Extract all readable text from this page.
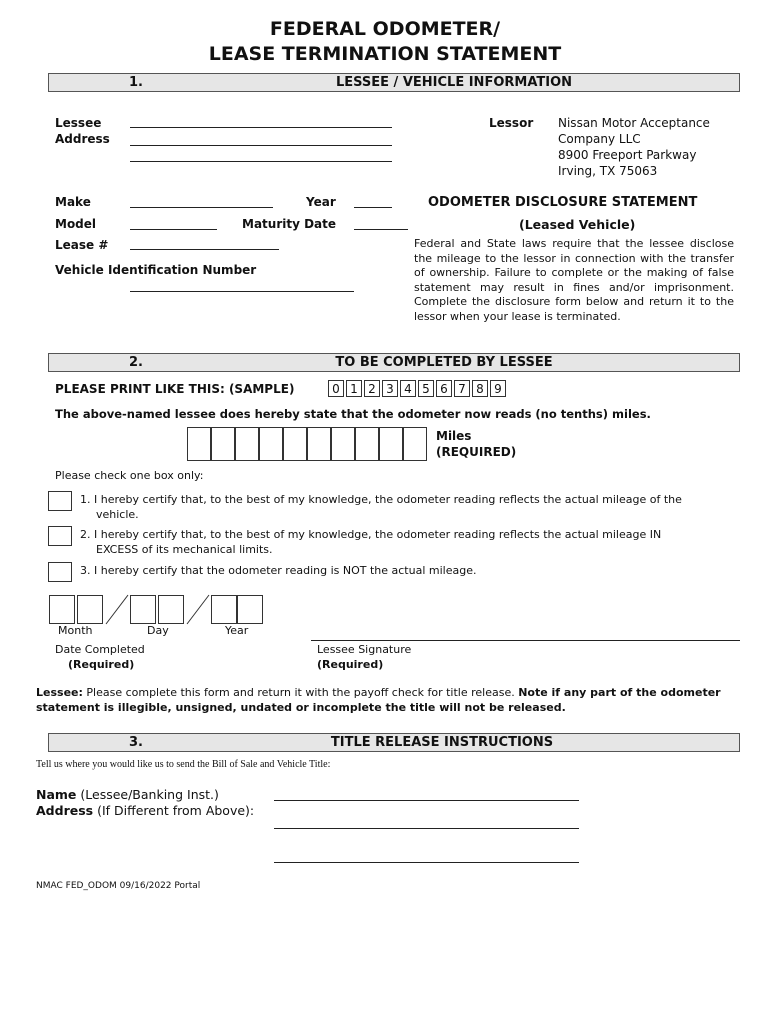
FEDERAL ODOMETER/
LEASE TERMINATION STATEMENT
1.	LESSEE / VEHICLE INFORMATION
Lessee
Address
Lessor Nissan Motor Acceptance
Company LLC
8900 Freeport Parkway
Irving, TX 75063
Make	Year
Model	Maturity Date
Lease #
Vehicle Identification Number
ODOMETER DISCLOSURE STATEMENT
(Leased Vehicle)
Federal and State laws require that the lessee disclose the mileage to the lessor in connection with the transfer of ownership. Failure to complete or the making of false statement may result in fines and/or imprisonment. Complete the disclosure form below and return it to the lessor when your lease is terminated.
2.	TO BE COMPLETED BY LESSEE
PLEASE PRINT LIKE THIS: (SAMPLE)	0 1 2 3 4 5 6 7 8 9
The above-named lessee does hereby state that the odometer now reads (no tenths) miles.
Miles
(REQUIRED)
Please check one box only:
1. I hereby certify that, to the best of my knowledge, the odometer reading reflects the actual mileage of the
vehicle.
2. I hereby certify that, to the best of my knowledge, the odometer reading reflects the actual mileage IN
EXCESS of its mechanical limits.
3. I hereby certify that the odometer reading is NOT the actual mileage.
Month	Day	Year
Date Completed
(Required)
Lessee Signature
(Required)
Lessee: Please complete this form and return it with the payoff check for title release. Note if any part of the odometer statement is illegible, unsigned, undated or incomplete the title will not be released.
3.	TITLE RELEASE INSTRUCTIONS
Tell us where you would like us to send the Bill of Sale and Vehicle Title:
Name (Lessee/Banking Inst.)
Address (If Different from Above):
NMAC FED_ODOM 09/16/2022 Portal
